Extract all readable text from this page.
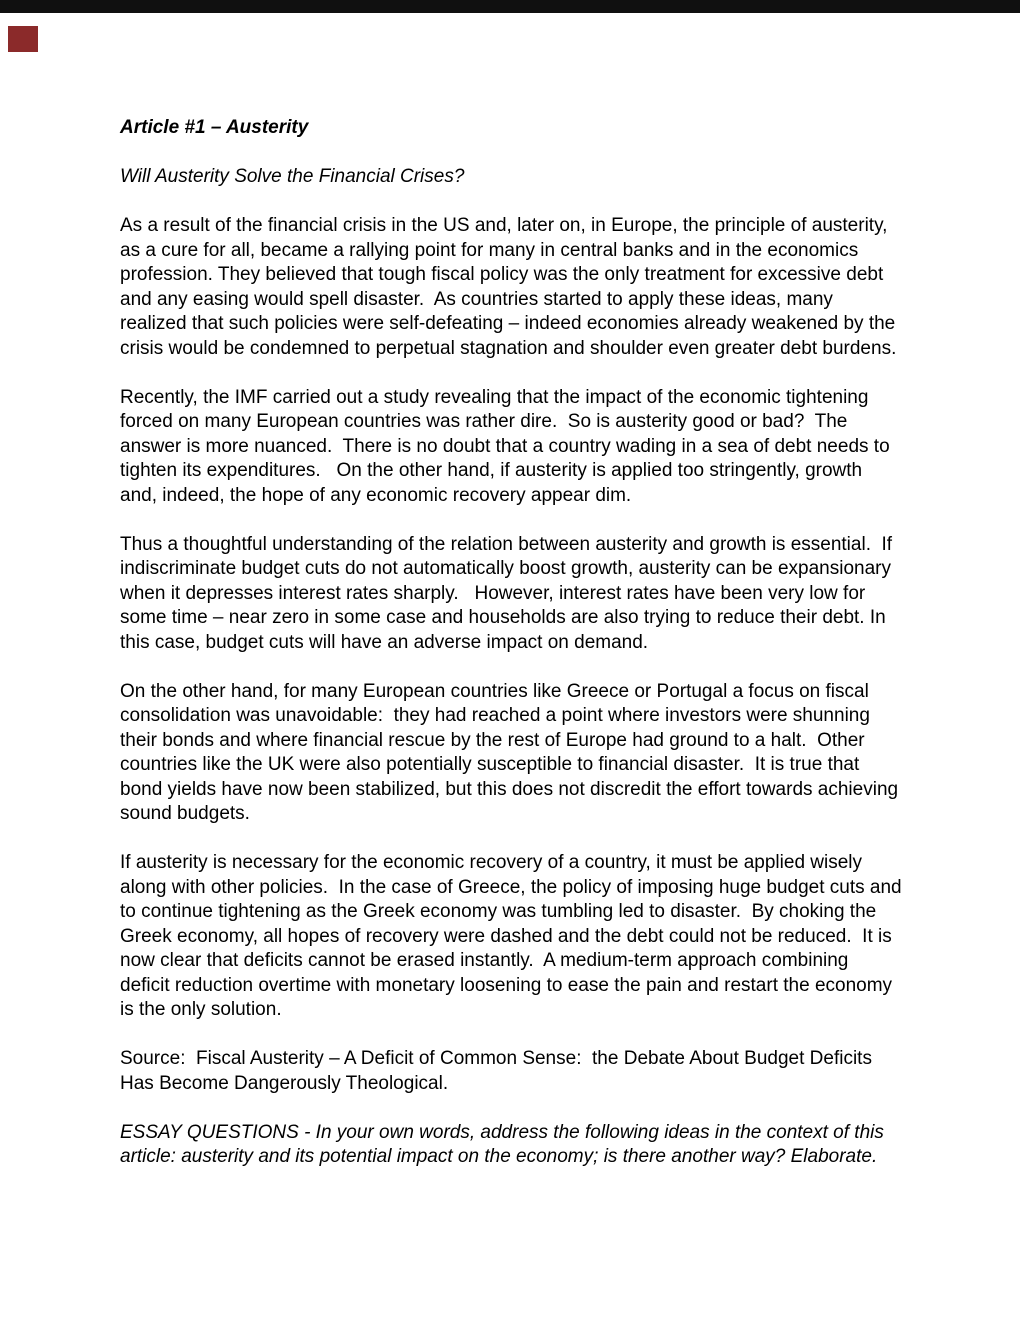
Article #1 – Austerity

Will Austerity Solve the Financial Crises?

As a result of the financial crisis in the US and, later on, in Europe, the principle of austerity, as a cure for all, became a rallying point for many in central banks and in the economics profession. They believed that tough fiscal policy was the only treatment for excessive debt and any easing would spell disaster.  As countries started to apply these ideas, many realized that such policies were self-defeating – indeed economies already weakened by the crisis would be condemned to perpetual stagnation and shoulder even greater debt burdens.

Recently, the IMF carried out a study revealing that the impact of the economic tightening forced on many European countries was rather dire.  So is austerity good or bad?  The answer is more nuanced.  There is no doubt that a country wading in a sea of debt needs to tighten its expenditures.   On the other hand, if austerity is applied too stringently, growth and, indeed, the hope of any economic recovery appear dim.

Thus a thoughtful understanding of the relation between austerity and growth is essential.  If indiscriminate budget cuts do not automatically boost growth, austerity can be expansionary when it depresses interest rates sharply.   However, interest rates have been very low for some time – near zero in some case and households are also trying to reduce their debt. In this case, budget cuts will have an adverse impact on demand.

On the other hand, for many European countries like Greece or Portugal a focus on fiscal consolidation was unavoidable:  they had reached a point where investors were shunning their bonds and where financial rescue by the rest of Europe had ground to a halt.  Other countries like the UK were also potentially susceptible to financial disaster.  It is true that bond yields have now been stabilized, but this does not discredit the effort towards achieving sound budgets.

If austerity is necessary for the economic recovery of a country, it must be applied wisely along with other policies.  In the case of Greece, the policy of imposing huge budget cuts and to continue tightening as the Greek economy was tumbling led to disaster.  By choking the Greek economy, all hopes of recovery were dashed and the debt could not be reduced.  It is now clear that deficits cannot be erased instantly.  A medium-term approach combining deficit reduction overtime with monetary loosening to ease the pain and restart the economy is the only solution.

Source:  Fiscal Austerity – A Deficit of Common Sense:  the Debate About Budget Deficits Has Become Dangerously Theological.

ESSAY QUESTIONS - In your own words, address the following ideas in the context of this article: austerity and its potential impact on the economy; is there another way? Elaborate.
